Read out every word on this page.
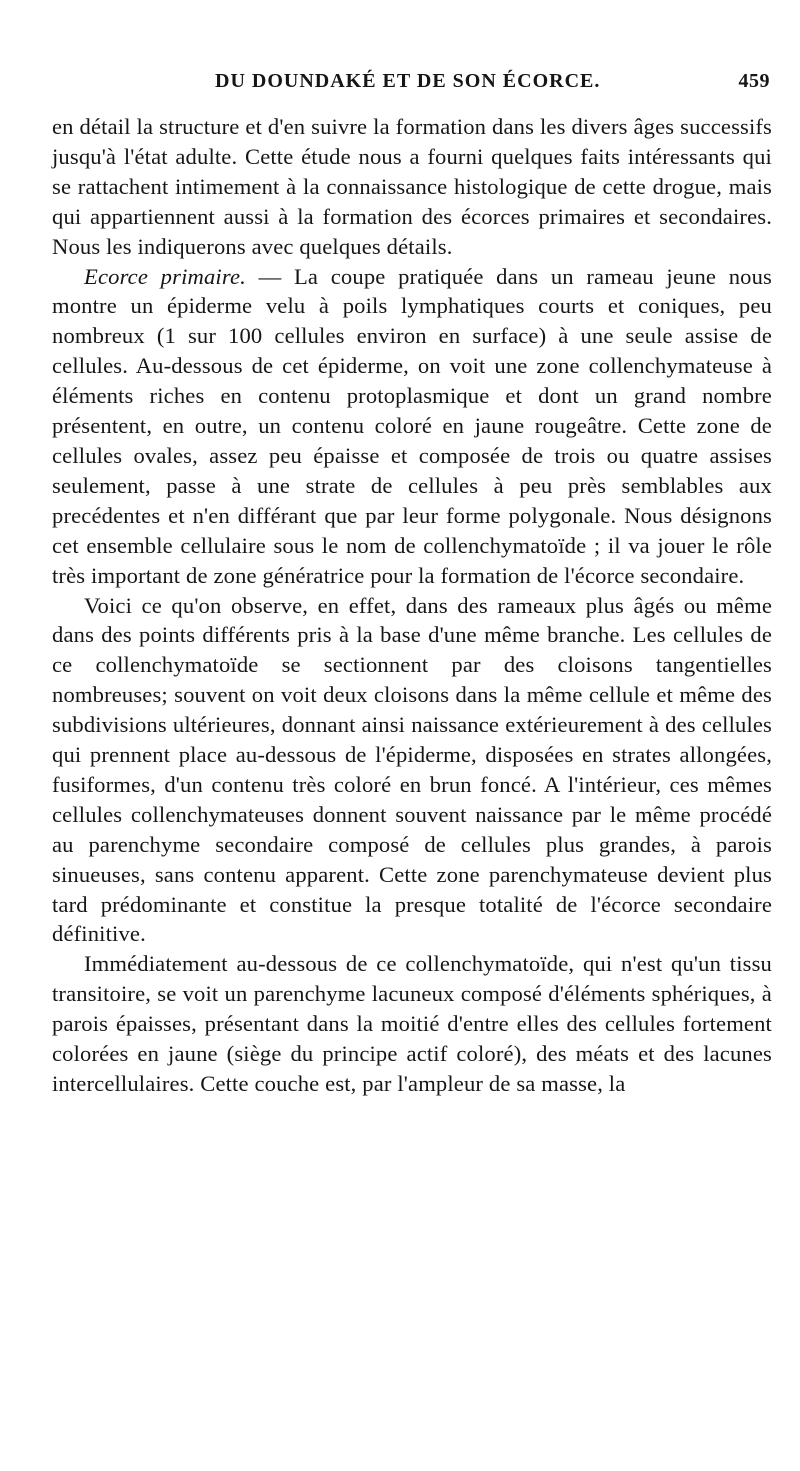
DU DOUNDAKÉ ET DE SON ÉCORCE.	459

en détail la structure et d'en suivre la formation dans les divers âges successifs jusqu'à l'état adulte. Cette étude nous a fourni quelques faits intéressants qui se rattachent intimement à la connaissance histologique de cette drogue, mais qui appartiennent aussi à la formation des écorces primaires et secondaires. Nous les indiquerons avec quelques détails.

Ecorce primaire. — La coupe pratiquée dans un rameau jeune nous montre un épiderme velu à poils lymphatiques courts et coniques, peu nombreux (1 sur 100 cellules environ en surface) à une seule assise de cellules. Au-dessous de cet épiderme, on voit une zone collenchymateuse à éléments riches en contenu protoplasmique et dont un grand nombre présentent, en outre, un contenu coloré en jaune rougeâtre. Cette zone de cellules ovales, assez peu épaisse et composée de trois ou quatre assises seulement, passe à une strate de cellules à peu près semblables aux precédentes et n'en différant que par leur forme polygonale. Nous désignons cet ensemble cellulaire sous le nom de collenchymatoïde ; il va jouer le rôle très important de zone génératrice pour la formation de l'écorce secondaire.

Voici ce qu'on observe, en effet, dans des rameaux plus âgés ou même dans des points différents pris à la base d'une même branche. Les cellules de ce collenchymatoïde se sectionnent par des cloisons tangentielles nombreuses; souvent on voit deux cloisons dans la même cellule et même des subdivisions ultérieures, donnant ainsi naissance extérieurement à des cellules qui prennent place au-dessous de l'épiderme, disposées en strates allongées, fusiformes, d'un contenu très coloré en brun foncé. A l'intérieur, ces mêmes cellules collenchymateuses donnent souvent naissance par le même procédé au parenchyme secondaire composé de cellules plus grandes, à parois sinueuses, sans contenu apparent. Cette zone parenchymateuse devient plus tard prédominante et constitue la presque totalité de l'écorce secondaire définitive.

Immédiatement au-dessous de ce collenchymatoïde, qui n'est qu'un tissu transitoire, se voit un parenchyme lacuneux composé d'éléments sphériques, à parois épaisses, présentant dans la moitié d'entre elles des cellules fortement colorées en jaune (siège du principe actif coloré), des méats et des lacunes intercellulaires. Cette couche est, par l'ampleur de sa masse, la
